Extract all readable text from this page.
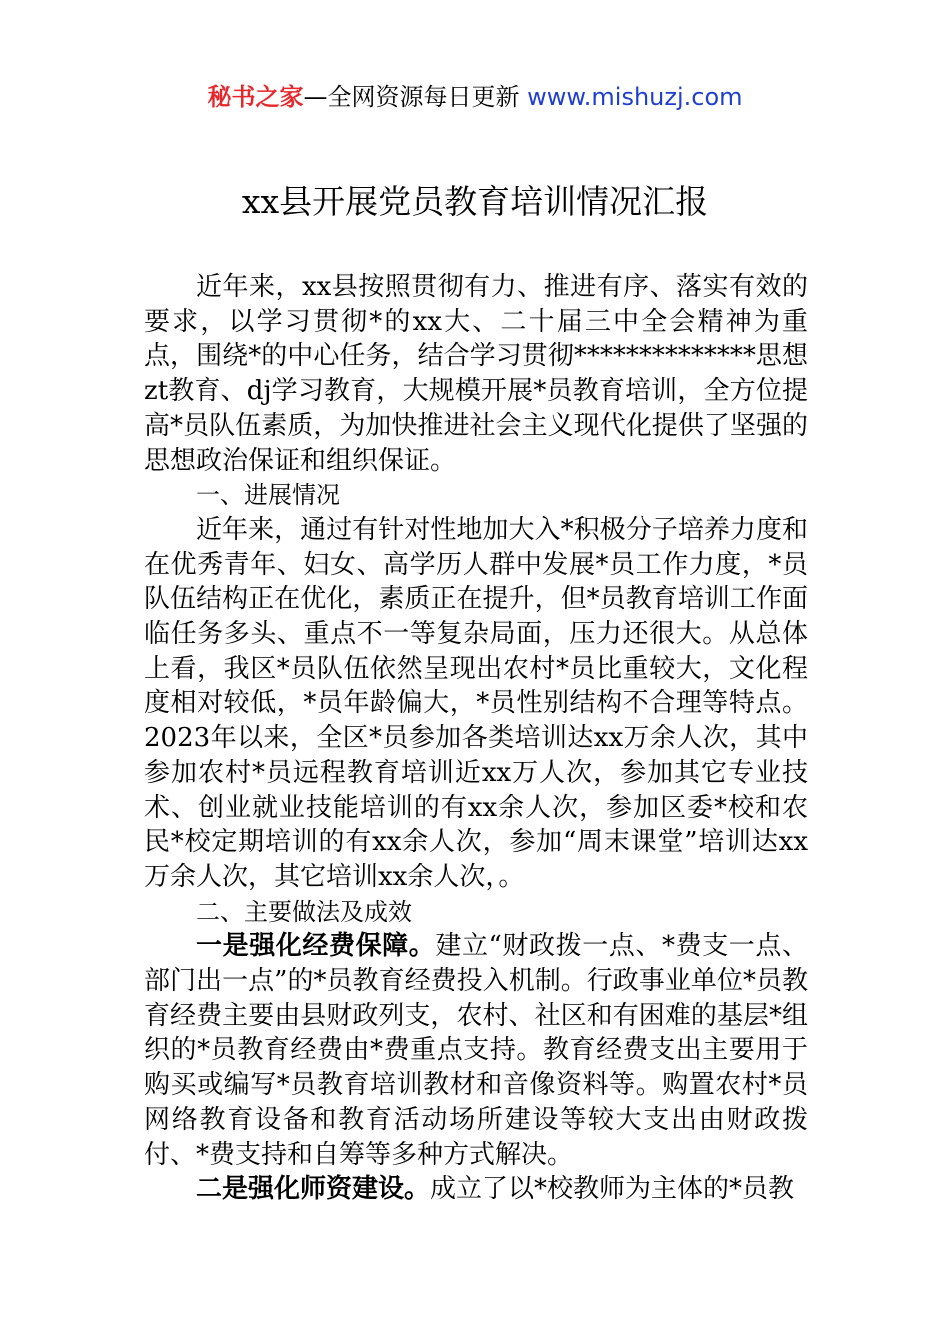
秘书之家—全网资源每日更新 www.mishuzj.com
xx县开展党员教育培训情况汇报

近年来，xx县按照贯彻有力、推进有序、落实有效的要求，以学习贯彻*的xx大、二十届三中全会精神为重点，围绕*的中心任务，结合学习贯彻**************思想zt教育、dj学习教育，大规模开展*员教育培训，全方位提高*员队伍素质，为加快推进社会主义现代化提供了坚强的思想政治保证和组织保证。

一、进展情况

近年来，通过有针对性地加大入*积极分子培养力度和在优秀青年、妇女、高学历人群中发展*员工作力度，*员队伍结构正在优化，素质正在提升，但*员教育培训工作面临任务多头、重点不一等复杂局面，压力还很大。从总体上看，我区*员队伍依然呈现出农村*员比重较大，文化程度相对较低，*员年龄偏大，*员性别结构不合理等特点。2023年以来，全区*员参加各类培训达xx万余人次，其中参加农村*员远程教育培训近xx万人次，参加其它专业技术、创业就业技能培训的有xx余人次，参加区委*校和农民*校定期培训的有xx余人次，参加“周末课堂”培训达xx万余人次，其它培训xx余人次，。

二、主要做法及成效

一是强化经费保障。建立“财政拨一点、*费支一点、部门出一点”的*员教育经费投入机制。行政事业单位*员教育经费主要由县财政列支，农村、社区和有困难的基层*组织的*员教育经费由*费重点支持。教育经费支出主要用于购买或编写*员教育培训教材和音像资料等。购置农村*员网络教育设备和教育活动场所建设等较大支出由财政拨付、*费支持和自筹等多种方式解决。

二是强化师资建设。成立了以*校教师为主体的*员教
